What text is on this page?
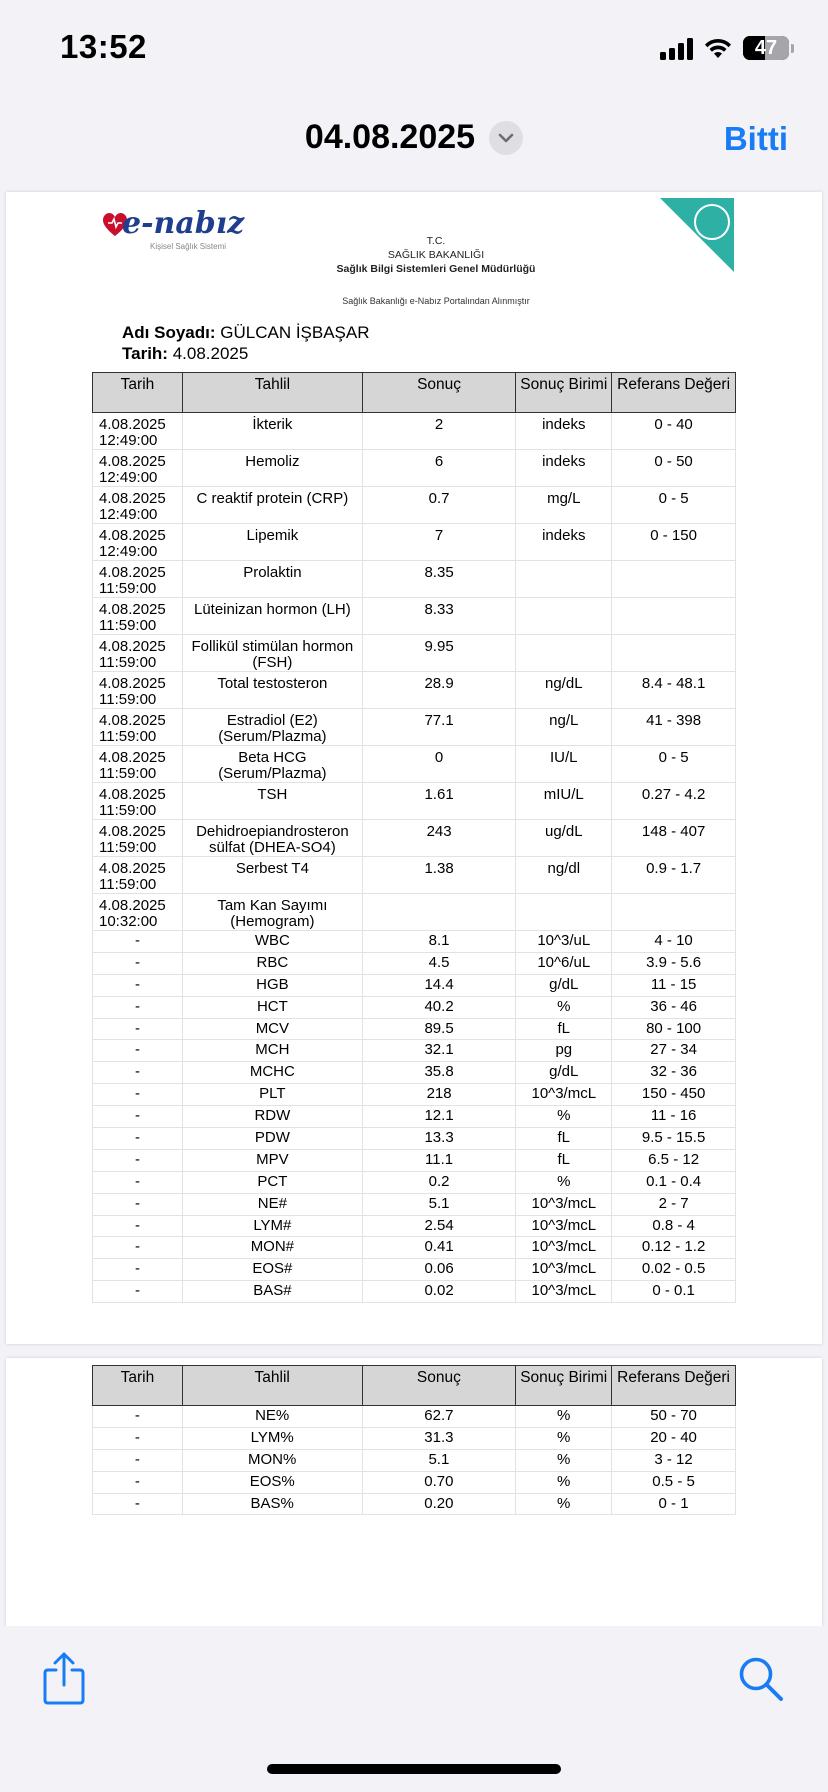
13:52	47
04.08.2025	Bitti
e-nabız
Kişisel Sağlık Sistemi	T.C.
SAĞLIK BAKANLIĞI
Sağlık Bilgi Sistemleri Genel Müdürlüğü
Sağlık Bakanlığı e-Nabız Portalından Alınmıştır
Adı Soyadı: GÜLCAN İŞBAŞAR
Tarih: 4.08.2025
Tarih	Tahlil	Sonuç	Sonuç Birimi	Referans Değeri
4.08.2025 12:49:00	İkterik	2	indeks	0 - 40
4.08.2025 12:49:00	Hemoliz	6	indeks	0 - 50
4.08.2025 12:49:00	C reaktif protein (CRP)	0.7	mg/L	0 - 5
4.08.2025 12:49:00	Lipemik	7	indeks	0 - 150
4.08.2025 11:59:00	Prolaktin	8.35		
4.08.2025 11:59:00	Lüteinizan hormon (LH)	8.33		
4.08.2025 11:59:00	Follikül stimülan hormon (FSH)	9.95		
4.08.2025 11:59:00	Total testosteron	28.9	ng/dL	8.4 - 48.1
4.08.2025 11:59:00	Estradiol (E2) (Serum/Plazma)	77.1	ng/L	41 - 398
4.08.2025 11:59:00	Beta HCG (Serum/Plazma)	0	IU/L	0 - 5
4.08.2025 11:59:00	TSH	1.61	mIU/L	0.27 - 4.2
4.08.2025 11:59:00	Dehidroepiandrosteron sülfat (DHEA-SO4)	243	ug/dL	148 - 407
4.08.2025 11:59:00	Serbest T4	1.38	ng/dl	0.9 - 1.7
4.08.2025 10:32:00	Tam Kan Sayımı (Hemogram)			
-	WBC	8.1	10^3/uL	4 - 10
-	RBC	4.5	10^6/uL	3.9 - 5.6
-	HGB	14.4	g/dL	11 - 15
-	HCT	40.2	%	36 - 46
-	MCV	89.5	fL	80 - 100
-	MCH	32.1	pg	27 - 34
-	MCHC	35.8	g/dL	32 - 36
-	PLT	218	10^3/mcL	150 - 450
-	RDW	12.1	%	11 - 16
-	PDW	13.3	fL	9.5 - 15.5
-	MPV	11.1	fL	6.5 - 12
-	PCT	0.2	%	0.1 - 0.4
-	NE#	5.1	10^3/mcL	2 - 7
-	LYM#	2.54	10^3/mcL	0.8 - 4
-	MON#	0.41	10^3/mcL	0.12 - 1.2
-	EOS#	0.06	10^3/mcL	0.02 - 0.5
-	BAS#	0.02	10^3/mcL	0 - 0.1
Tarih	Tahlil	Sonuç	Sonuç Birimi	Referans Değeri
-	NE%	62.7	%	50 - 70
-	LYM%	31.3	%	20 - 40
-	MON%	5.1	%	3 - 12
-	EOS%	0.70	%	0.5 - 5
-	BAS%	0.20	%	0 - 1
